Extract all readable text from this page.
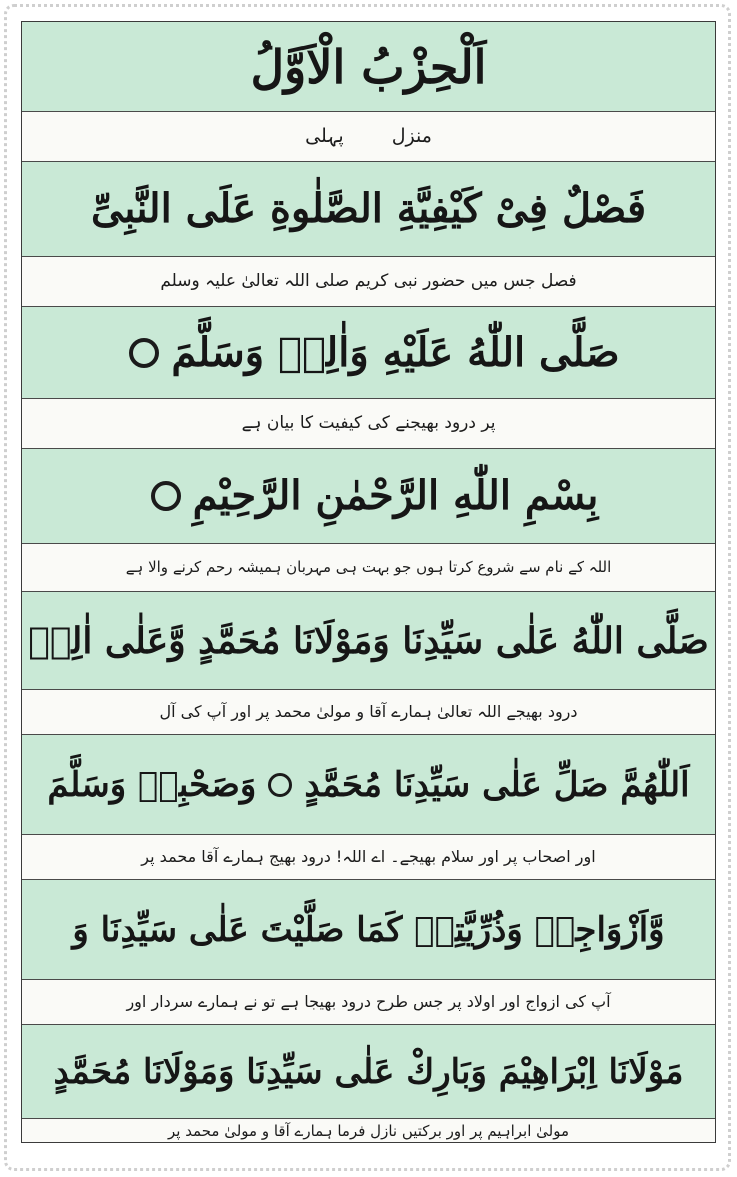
اَلْحِزْبُ الْاَوَّلُ
منزل
پہلی
فَصْلٌ فِیْ کَیْفِیَّةِ الصَّلٰوةِ عَلَی النَّبِیِّ
فصل جس میں حضور نبی کریم صلی اللہ تعالیٰ علیہ وسلم
صَلَّی اللّٰهُ عَلَيْهِ وَاٰلِهٖ وَسَلَّمَ
پر درود بھیجنے کی کیفیت کا بیان ہے
بِسْمِ اللّٰهِ الرَّحْمٰنِ الرَّحِيْمِ
اللہ کے نام سے شروع کرتا ہوں جو بہت ہی مہربان ہمیشہ رحم کرنے والا ہے
صَلَّی اللّٰهُ عَلٰی سَيِّدِنَا وَمَوْلَانَا مُحَمَّدٍ وَّعَلٰی اٰلِهٖ
درود بھیجے اللہ تعالیٰ ہمارے آقا و مولیٰ محمد پر اور آپ کی آل
اَللّٰهُمَّ صَلِّ عَلٰی سَيِّدِنَا مُحَمَّدٍ
وَصَحْبِهٖ وَسَلَّمَ
اور اصحاب پر اور سلام بھیجے۔ اے اللہ! درود بھیج ہمارے آقا محمد پر
وَّاَزْوَاجِهٖ وَذُرِّيَّتِهٖ كَمَا صَلَّيْتَ عَلٰی سَيِّدِنَا وَ
آپ کی ازواج اور اولاد پر جس طرح درود بھیجا ہے تو نے ہمارے سردار اور
مَوْلَانَا اِبْرَاهِيْمَ وَبَارِكْ عَلٰی سَيِّدِنَا وَمَوْلَانَا مُحَمَّدٍ
مولیٰ ابراہیم پر اور برکتیں نازل فرما ہمارے آقا و مولیٰ محمد پر
